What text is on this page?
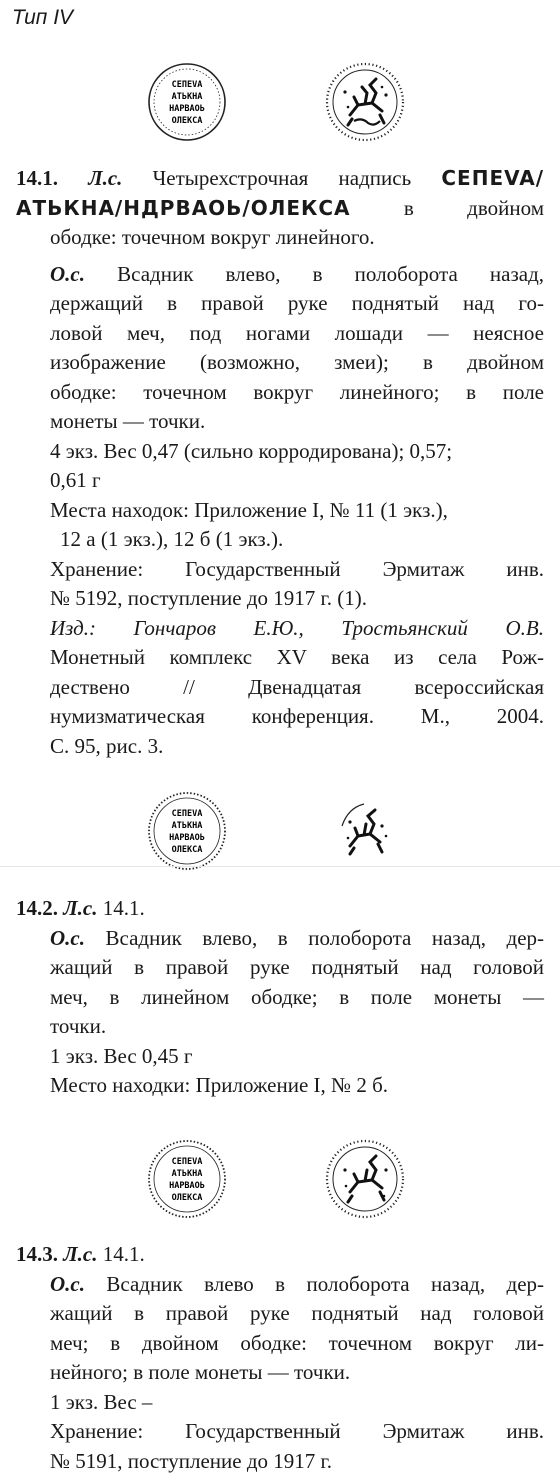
Тип IV
СЕПЕVА
АТЬКНА
НАРВАОЬ
ОЛЕКСА

14.1. Л.с. Четырехстрочная надпись СЕПЕVA/

АТЬКНА/НДРВАОЬ/ОЛЕКСА	в двойном

ободке: точечном вокруг линейного.

О.с. Всадник влево, в полоборота назад,

держащий в правой руке поднятый над го-

ловой меч, под ногами лошади — неясное

изображение (возможно, змеи); в двойном

ободке: точечном вокруг линейного; в поле

монеты — точки.

4 экз. Вес 0,47 (сильно корродирована); 0,57;

0,61 г

Места находок: Приложение I, № 11 (1 экз.),

12 а (1 экз.), 12 б (1 экз.).

Хранение: Государственный Эрмитаж инв.

№ 5192, поступление до 1917 г. (1).

Изд.: Гончаров Е.Ю., Тростьянский О.В.

Монетный комплекс XV века из села Рож-

дествено // Двенадцатая всероссийская

нумизматическая конференция. М., 2004.

С. 95, рис. 3.

СЕПЕVА
АТЬКНА
НАРВАОЬ
ОЛЕКСА

14.2. Л.с. 14.1.

О.с. Всадник влево, в полоборота назад, дер-

жащий в правой руке поднятый над головой

меч, в линейном ободке; в поле монеты —

точки.

1 экз. Вес 0,45 г

Место находки: Приложение I, № 2 б.

СЕПЕVА
АТЬКНА
НАРВАОЬ
ОЛЕКСА

14.3. Л.с. 14.1.

О.с. Всадник влево в полоборота назад, дер-

жащий в правой руке поднятый над головой

меч; в двойном ободке: точечном вокруг ли-

нейного; в поле монеты — точки.

1 экз. Вес –

Хранение: Государственный Эрмитаж инв.

№ 5191, поступление до 1917 г.
